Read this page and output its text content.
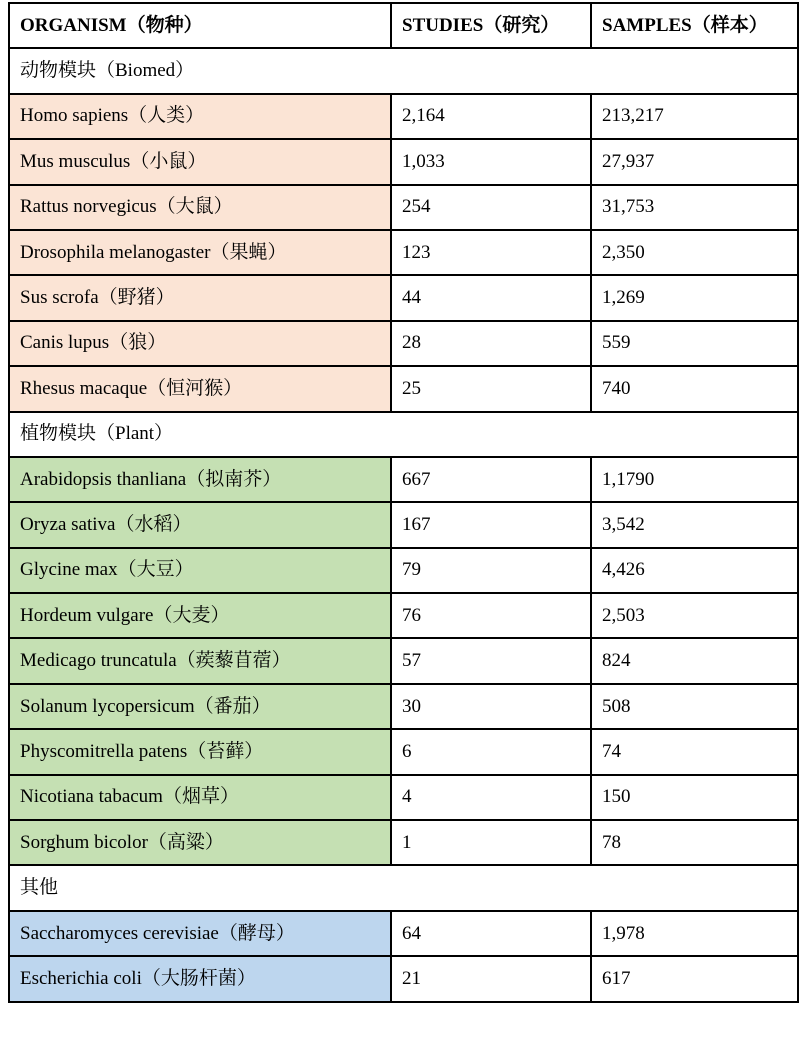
ORGANISM（物种）	STUDIES（研究）	SAMPLES（样本）
动物模块（Biomed）		
Homo sapiens（人类）	2,164	213,217
Mus musculus（小鼠）	1,033	27,937
Rattus norvegicus（大鼠）	254	31,753
Drosophila melanogaster（果蝇）	123	2,350
Sus scrofa（野猪）	44	1,269
Canis lupus（狼）	28	559
Rhesus macaque（恒河猴）	25	740
植物模块（Plant）		
Arabidopsis thanliana（拟南芥）	667	1,1790
Oryza sativa（水稻）	167	3,542
Glycine max（大豆）	79	4,426
Hordeum vulgare（大麦）	76	2,503
Medicago truncatula（蒺藜苜蓿）	57	824
Solanum lycopersicum（番茄）	30	508
Physcomitrella patens（苔藓）	6	74
Nicotiana tabacum（烟草）	4	150
Sorghum bicolor（高粱）	1	78
其他		
Saccharomyces cerevisiae（酵母）	64	1,978
Escherichia coli（大肠杆菌）	21	617
